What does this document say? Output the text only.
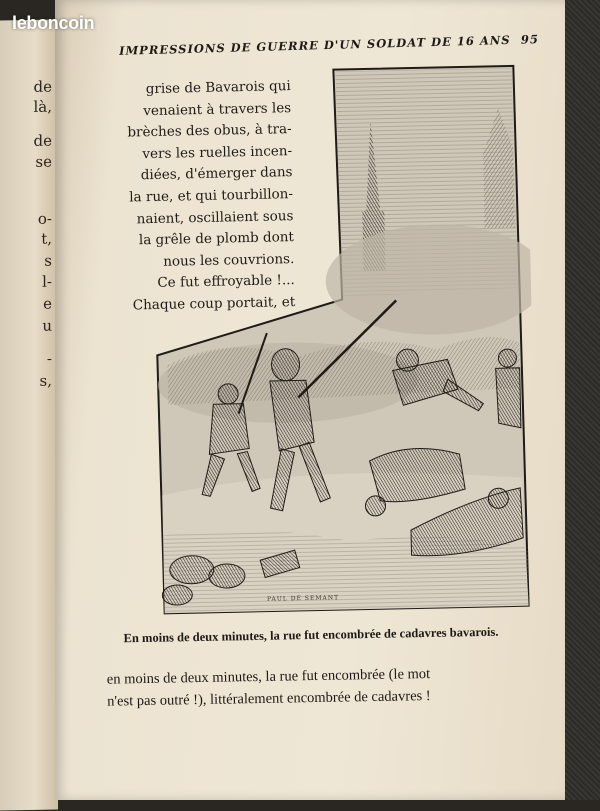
de
là,
de
se
o-
t,
s
l-
e
u
-
s,
IMPRESSIONS DE GUERRE D'UN SOLDAT DE 16 ANS 95
grise de Bavarois qui
venaient à travers les
brèches des obus, à tra-
vers les ruelles incen-
diées, d'émerger dans
la rue, et qui tourbillon-
naient, oscillaient sous
la grêle de plomb dont
nous les couvrions.
Ce fut effroyable !...
Chaque coup portait, et
PAUL DE SEMANT
En moins de deux minutes, la rue fut encombrée de cadavres bavarois.
en moins de deux minutes, la rue fut encombrée (le mot
n'est pas outré !), littéralement encombrée de cadavres !
leboncoin
